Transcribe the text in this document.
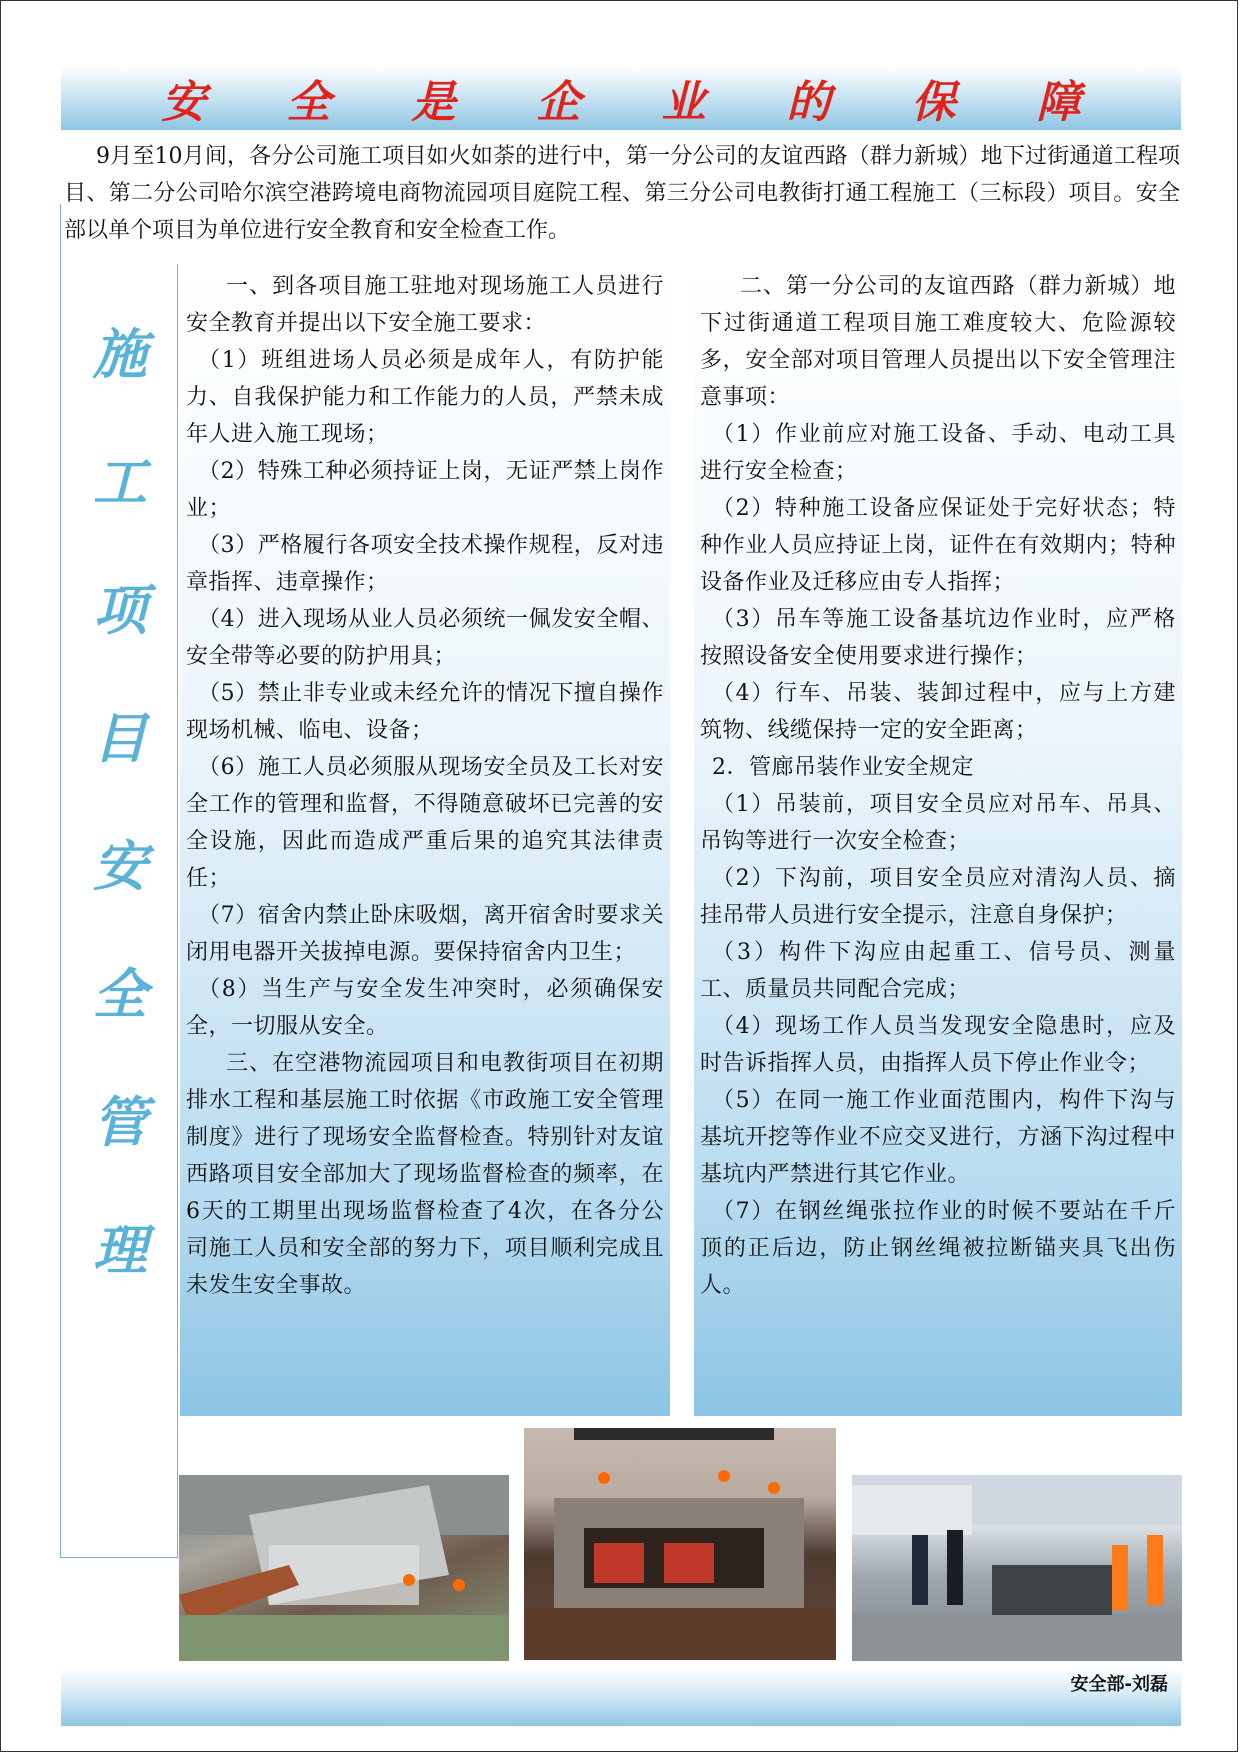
安 全 是 企 业 的 保 障
9月至10月间，各分公司施工项目如火如荼的进行中，第一分公司的友谊西路（群力新城）地下过街通道工程项目、第二分公司哈尔滨空港跨境电商物流园项目庭院工程、第三分公司电教街打通工程施工（三标段）项目。安全部以单个项目为单位进行安全教育和安全检查工作。
施
工
项
目
安
全
管
理

一、到各项目施工驻地对现场施工人员进行安全教育并提出以下安全施工要求：

（1）班组进场人员必须是成年人，有防护能力、自我保护能力和工作能力的人员，严禁未成年人进入施工现场；

（2）特殊工种必须持证上岗，无证严禁上岗作业；

（3）严格履行各项安全技术操作规程，反对违章指挥、违章操作；

（4）进入现场从业人员必须统一佩发安全帽、安全带等必要的防护用具；

（5）禁止非专业或未经允许的情况下擅自操作现场机械、临电、设备；

（6）施工人员必须服从现场安全员及工长对安全工作的管理和监督，不得随意破坏已完善的安全设施，因此而造成严重后果的追究其法律责任；

（7）宿舍内禁止卧床吸烟，离开宿舍时要求关闭用电器开关拔掉电源。要保持宿舍内卫生；

（8）当生产与安全发生冲突时，必须确保安全，一切服从安全。

三、在空港物流园项目和电教街项目在初期排水工程和基层施工时依据《市政施工安全管理制度》进行了现场安全监督检查。特别针对友谊西路项目安全部加大了现场监督检查的频率，在6天的工期里出现场监督检查了4次，在各分公司施工人员和安全部的努力下，项目顺利完成且未发生安全事故。

二、第一分公司的友谊西路（群力新城）地下过街通道工程项目施工难度较大、危险源较多，安全部对项目管理人员提出以下安全管理注意事项：

（1）作业前应对施工设备、手动、电动工具进行安全检查；

（2）特种施工设备应保证处于完好状态；特种作业人员应持证上岗，证件在有效期内；特种设备作业及迁移应由专人指挥；

（3）吊车等施工设备基坑边作业时，应严格按照设备安全使用要求进行操作；

（4）行车、吊装、装卸过程中，应与上方建筑物、线缆保持一定的安全距离；

2．管廊吊装作业安全规定

（1）吊装前，项目安全员应对吊车、吊具、吊钩等进行一次安全检查；

（2）下沟前，项目安全员应对清沟人员、摘挂吊带人员进行安全提示，注意自身保护；

（3）构件下沟应由起重工、信号员、测量工、质量员共同配合完成；

（4）现场工作人员当发现安全隐患时，应及时告诉指挥人员，由指挥人员下停止作业令；

（5）在同一施工作业面范围内，构件下沟与基坑开挖等作业不应交叉进行，方涵下沟过程中基坑内严禁进行其它作业。

（7）在钢丝绳张拉作业的时候不要站在千斤顶的正后边，防止钢丝绳被拉断锚夹具飞出伤人。

安全部-刘磊
